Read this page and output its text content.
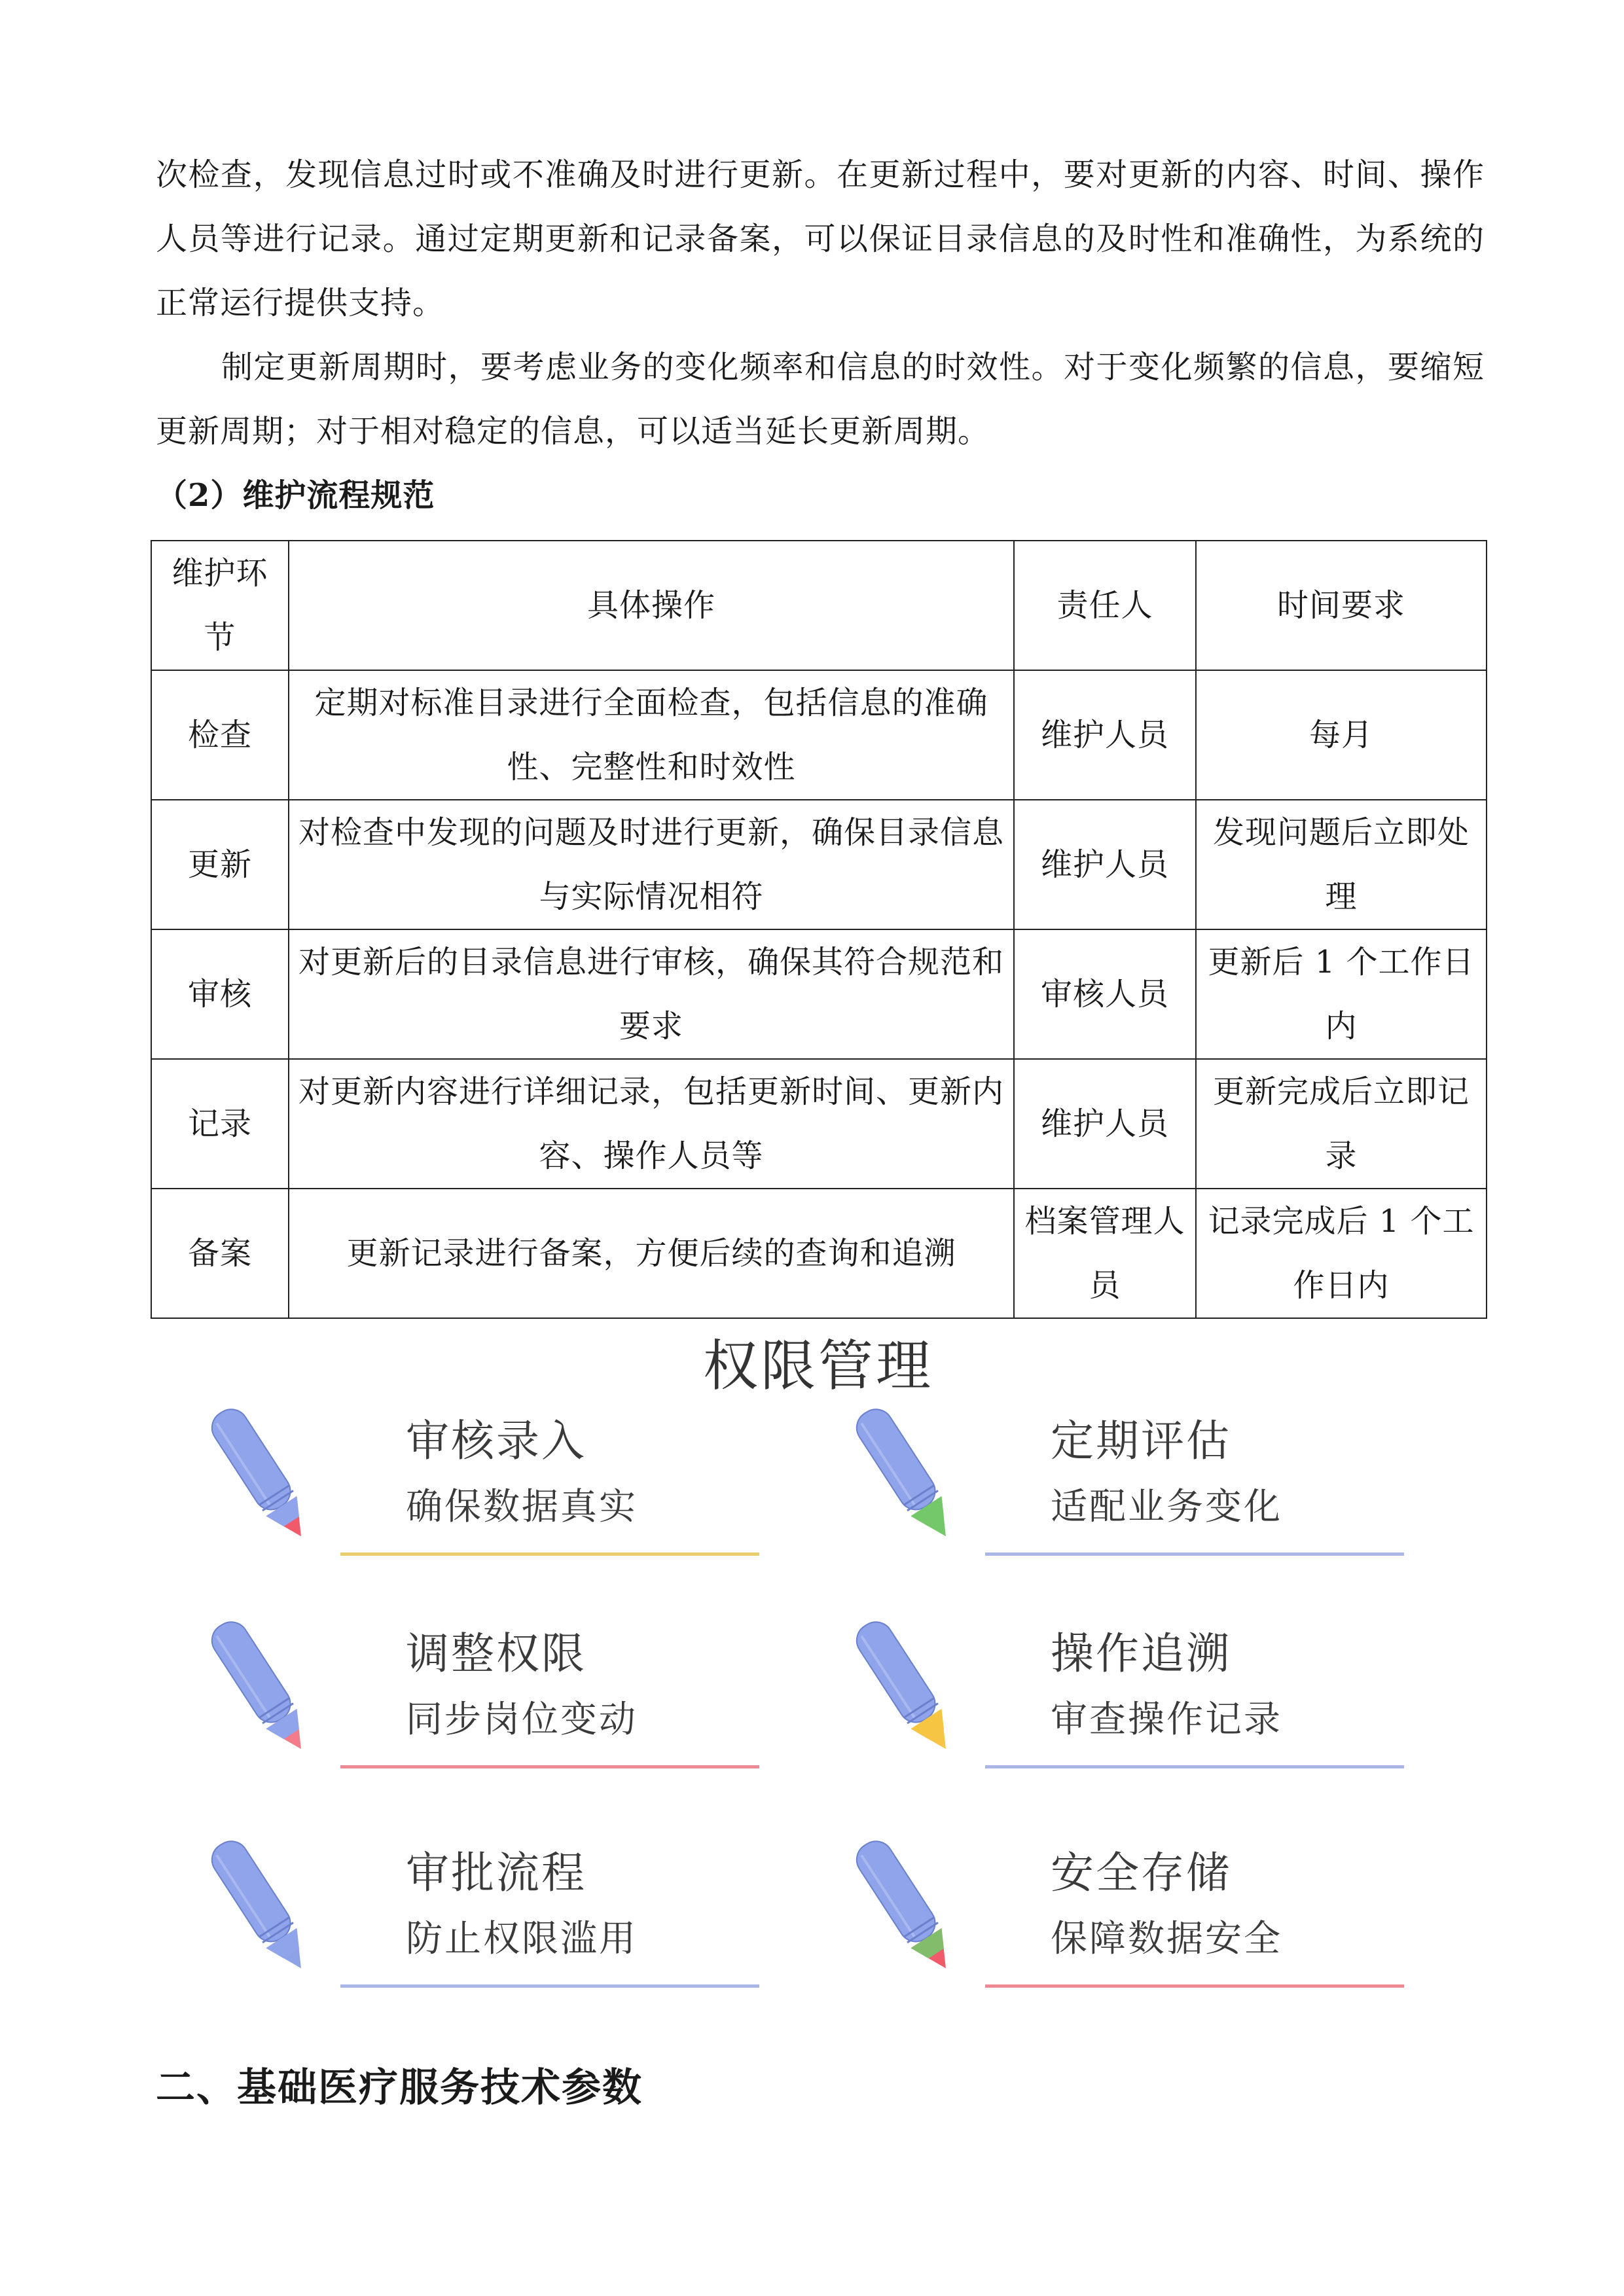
次检查，发现信息过时或不准确及时进行更新。在更新过程中，要对更新的内容、时间、操作人员等进行记录。通过定期更新和记录备案，可以保证目录信息的及时性和准确性，为系统的正常运行提供支持。

制定更新周期时，要考虑业务的变化频率和信息的时效性。对于变化频繁的信息，要缩短更新周期；对于相对稳定的信息，可以适当延长更新周期。

（2）维护流程规范

维护环节	具体操作	责任人	时间要求
检查	定期对标准目录进行全面检查，包括信息的准确性、完整性和时效性	维护人员	每月
更新	对检查中发现的问题及时进行更新，确保目录信息与实际情况相符	维护人员	发现问题后立即处理
审核	对更新后的目录信息进行审核，确保其符合规范和要求	审核人员	更新后 1 个工作日内
记录	对更新内容进行详细记录，包括更新时间、更新内容、操作人员等	维护人员	更新完成后立即记录
备案	更新记录进行备案，方便后续的查询和追溯	档案管理人员	记录完成后 1 个工作日内

权限管理

审核录入

确保数据真实

定期评估

适配业务变化

调整权限

同步岗位变动

操作追溯

审查操作记录

审批流程

防止权限滥用

安全存储

保障数据安全

二、基础医疗服务技术参数
